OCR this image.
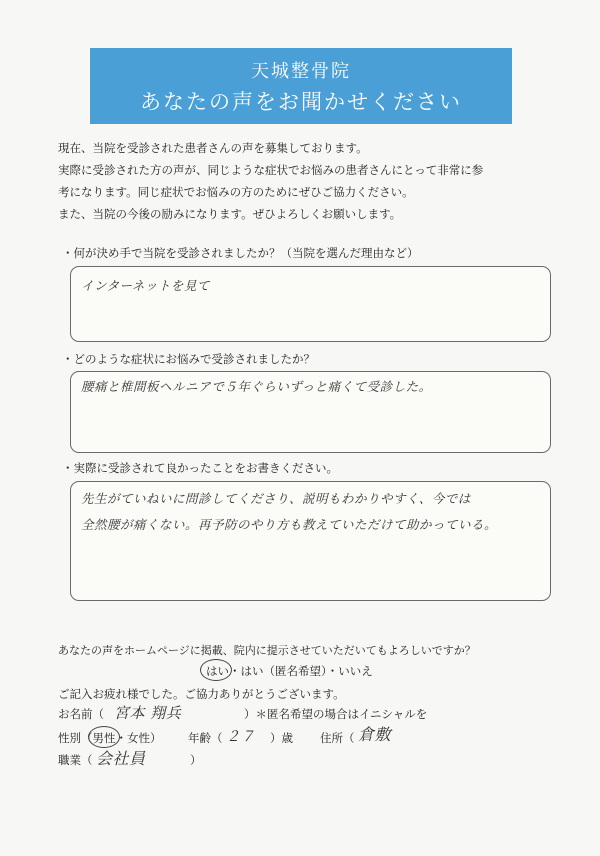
天城整骨院
あなたの声をお聞かせください
現在、当院を受診された患者さんの声を募集しております。
実際に受診された方の声が、同じような症状でお悩みの患者さんにとって非常に参
考になります。同じ症状でお悩みの方のためにぜひご協力ください。
また、当院の今後の励みになります。ぜひよろしくお願いします。
・何が決め手で当院を受診されましたか？（当院を選んだ理由など）
インターネットを見て
・どのような症状にお悩みで受診されましたか？
腰痛と椎間板ヘルニアで５年ぐらいずっと痛くて受診した。
・実際に受診されて良かったことをお書きください。
先生がていねいに問診してくださり、説明もわかりやすく、今では
全然腰が痛くない。再予防のやり方も教えていただけて助かっている。
あなたの声をホームページに掲載、院内に提示させていただいてもよろしいですか？
はい・はい（匿名希望）・いいえ
ご記入お疲れ様でした。ご協力ありがとうございます。
お名前（ 宮本 翔兵	）＊匿名希望の場合はイニシャルを
性別（男性・女性） 年齢（ ２７ ）歳 住所（ 倉敷
職業（ 会社員	）
